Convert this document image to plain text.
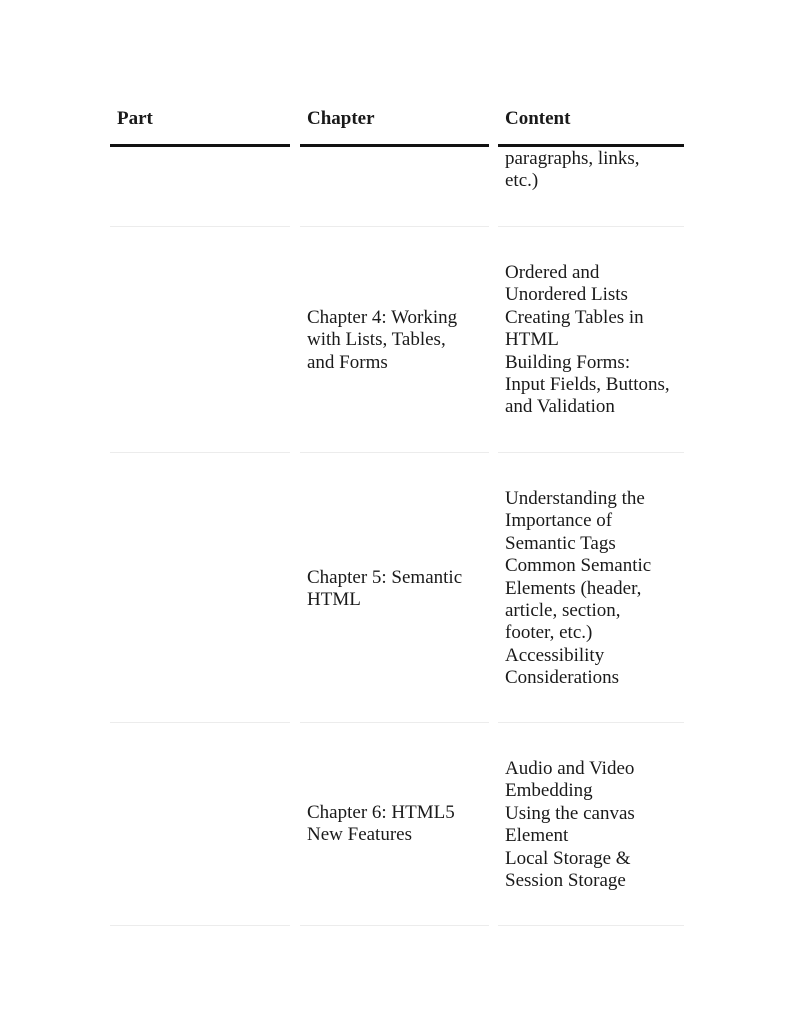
Part	Chapter	Content
paragraphs, links,
etc.)
Chapter 4: Working
with Lists, Tables,
and Forms
Ordered and
Unordered Lists
Creating Tables in
HTML
Building Forms:
Input Fields, Buttons,
and Validation
Chapter 5: Semantic
HTML
Understanding the
Importance of
Semantic Tags
Common Semantic
Elements (header,
article, section,
footer, etc.)
Accessibility
Considerations
Chapter 6: HTML5
New Features
Audio and Video
Embedding
Using the canvas
Element
Local Storage &
Session Storage
